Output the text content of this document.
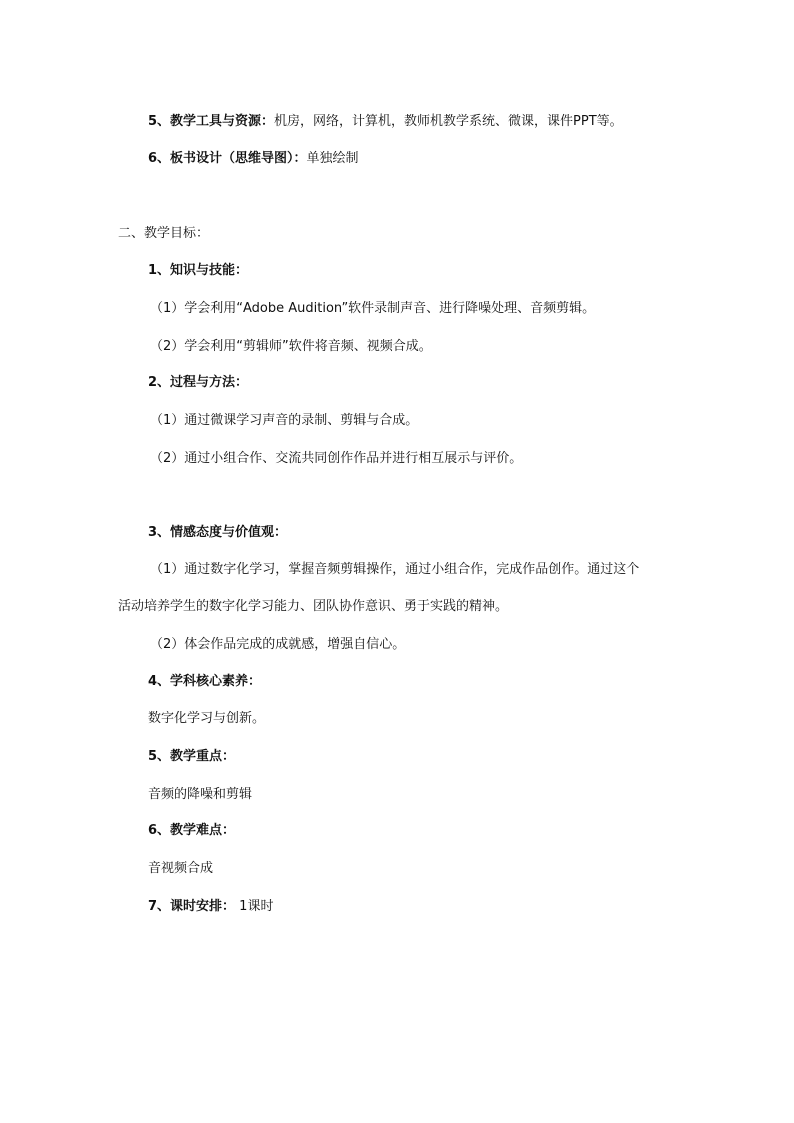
5、教学工具与资源：机房，网络，计算机，教师机教学系统、微课，课件PPT等。
6、板书设计（思维导图）：单独绘制
二、教学目标：
1、知识与技能：
（1）学会利用“Adobe Audition”软件录制声音、进行降噪处理、音频剪辑。
（2）学会利用“剪辑师”软件将音频、视频合成。
2、过程与方法：
（1）通过微课学习声音的录制、剪辑与合成。
（2）通过小组合作、交流共同创作作品并进行相互展示与评价。
3、情感态度与价值观：
（1）通过数字化学习，掌握音频剪辑操作，通过小组合作，完成作品创作。通过这个
活动培养学生的数字化学习能力、团队协作意识、勇于实践的精神。
（2）体会作品完成的成就感，增强自信心。
4、学科核心素养：
数字化学习与创新。
5、教学重点：
音频的降噪和剪辑
6、教学难点：
音视频合成
7、课时安排： 1课时
